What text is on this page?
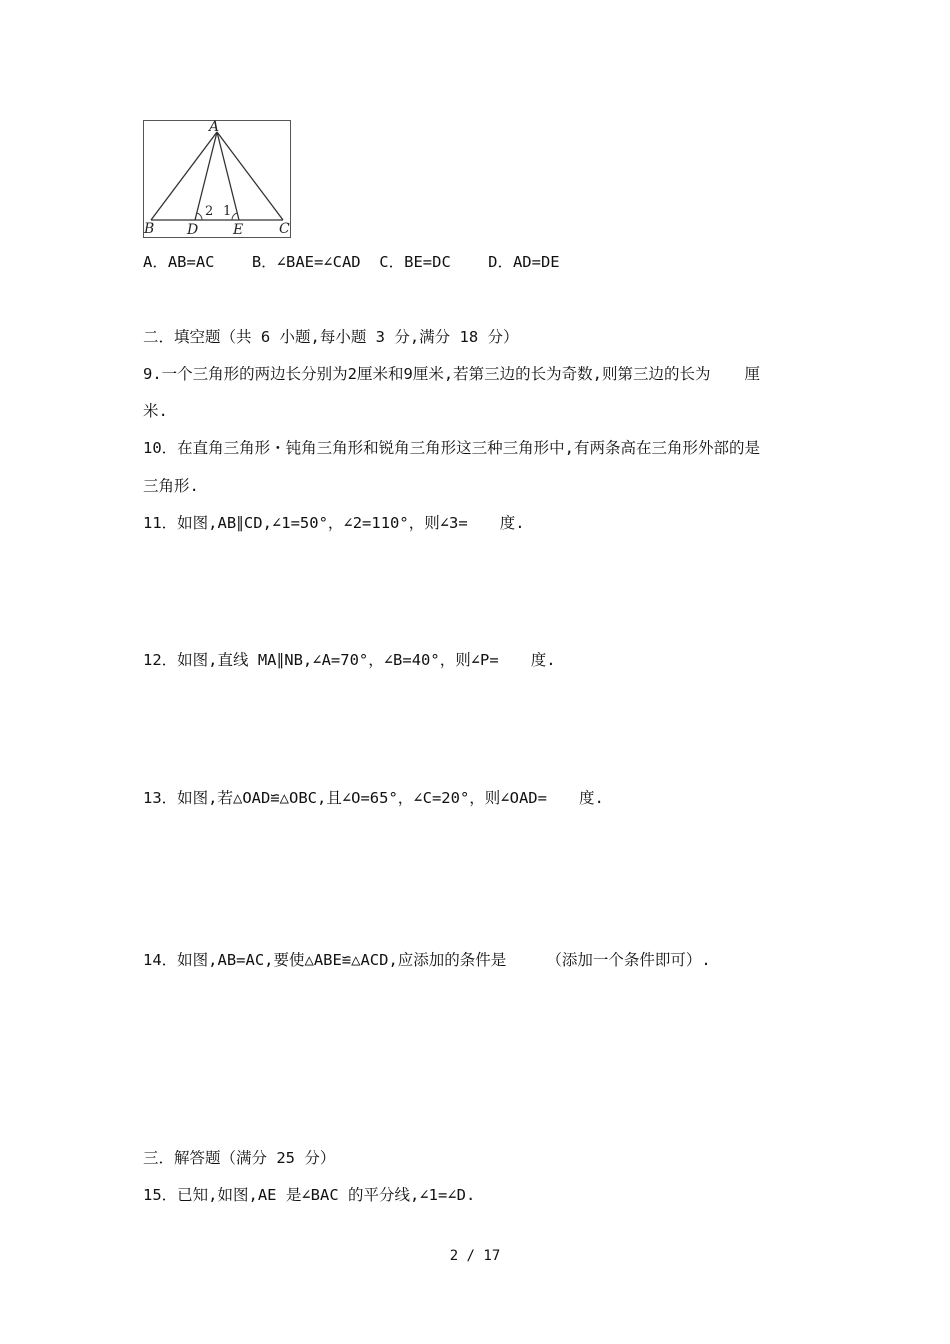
A
B	C
D E
2 1
A．AB=AC    B．∠BAE=∠CAD  C．BE=DC    D．AD=DE
二．填空题（共 6 小题,每小题 3 分,满分 18 分）
9.一个三角形的两边长分别为2厘米和9厘米,若第三边的长为奇数,则第三边的长为 厘
米.
10．在直角三角形・钝角三角形和锐角三角形这三种三角形中,有两条高在三角形外部的是
三角形.
11．如图,AB∥CD,∠1=50°，∠2=110°，则∠3= 度.
12．如图,直线 MA∥NB,∠A=70°，∠B=40°，则∠P= 度.
13．如图,若△OAD≌△OBC,且∠O=65°，∠C=20°，则∠OAD= 度.
14．如图,AB=AC,要使△ABE≌△ACD,应添加的条件是	（添加一个条件即可）.
三．解答题（满分 25 分）
15．已知,如图,AE 是∠BAC 的平分线,∠1=∠D.
2 / 17
